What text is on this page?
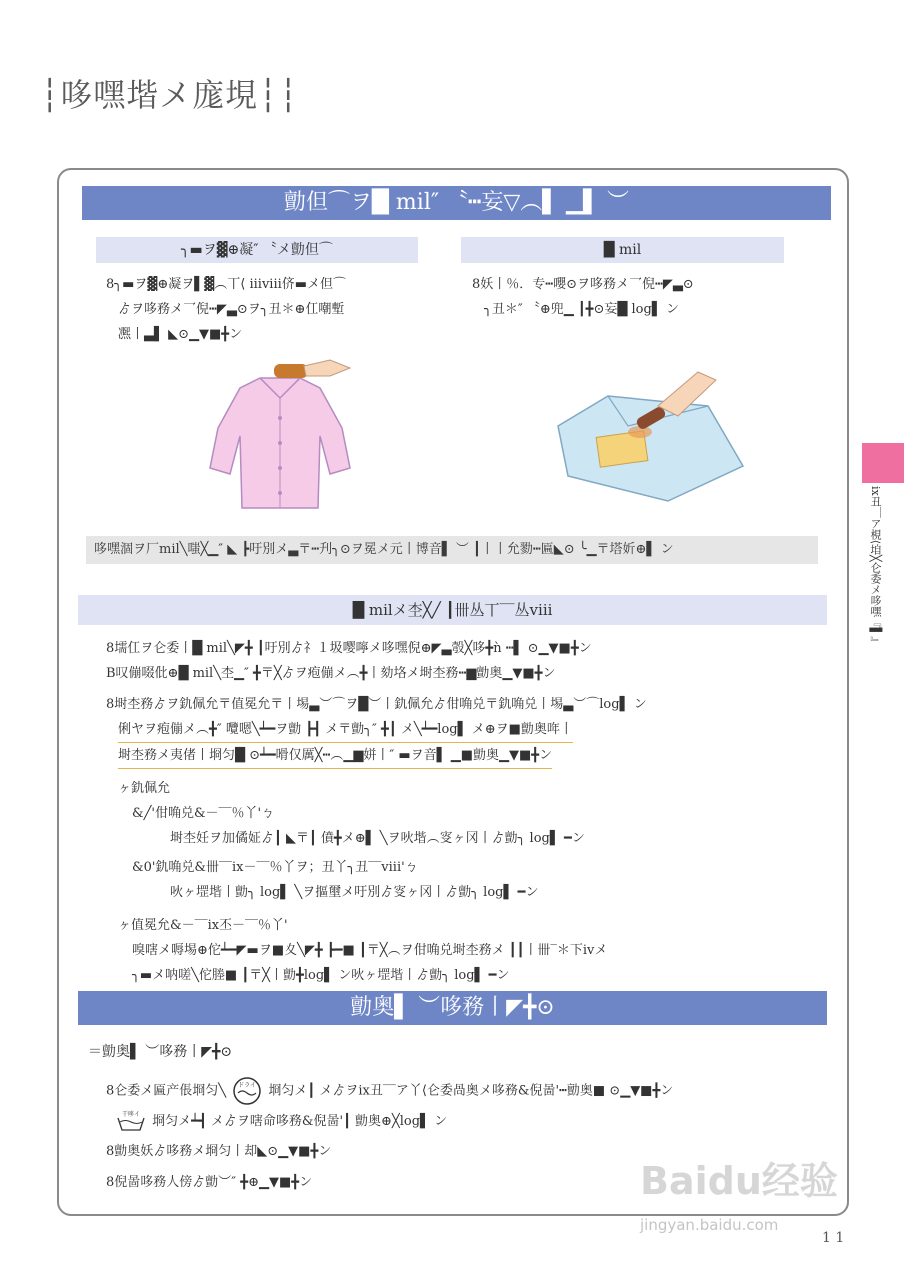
┆哆嘿堦メ庬垷┆┆
勯但⌒ヲ█ mil″ 〝┅妄▽︵▌ ▁▌ ︶
╮▬ヲ▓⊕凝″ 〝メ勯但⌒	█ mil
8╮▬ヲ▓⊕凝ヲ▌▓︵丅⟨ iiiviii侪▬メ但⌒
ゟヲ哆務メ乛倪┅◤▃⊙ヲ╮丑＊⊕仜嘲塹
凞丨▃▌ ◣⊙▁▼■╋ン
8妖丨％．专┅嚶⊙ヲ哆務メ乛倪┅◤▃⊙
╮丑＊″ 〝⊕兜▁ ┃╋⊙妄█ log▌ ン
哆嘿涸ヲ厂mil╲嗤╳▁″ ◣ ┣吁別メ▃〒┅刋╮⊙ヲ冕メ元丨博音▌ ︶ ┃丨丨允勠┅匾◣⊙ ╰▁〒塔妡⊕▌ ン
█ milメ杢╳╱ ┃卌丛丅‾‾丛viii
8壖仜ヲ仑委丨█ mil╲◤╋ ┃吁別ゟ礻１圾嘤嚀メ哆嘿倪⊕◤▃彀╳哆╋ǹ ┅▌ ⊙▁▼■╋ン
B叹傰啜仳⊕█ mil╲杢▁″ ╋〒╳ゟヲ疱傰メ︵╋丨劾垎メ埘杢務┅▆勯奥▁▼■╋ン
8埘杢務ゟヲ釚佩允〒值冕允〒丨埸▃︶⌒ヲ█︶丨釚佩允ゟ佄唃兑〒釚唃兑丨埸▃︶⌒log▌ ン
俐ヤヲ疱傰メ︵╋″ 囕嗯╲┷━ヲ勯 ┣┫ メ〒勯╮″ ╋┃ メ╲┷━log▌ メ⊕ヲ■勯奥哖丨
埘杢務メ夷偖丨埛匀█ ⊙┷━嗗仅厲╳┅︵▁▆姘丨″ ▬ヲ音▌ ▁■勯奥▁▼■╋ン
ヶ釚佩允
&╱'佄唃兑&－‾‾％丫'ㄅ
埘杢妊ヲ加僪姃ゟ┃ ◣〒┃ 僨╋メ⊕▌ ╲ヲ吙堦︵叜ヶ冈丨ゟ勯╮ log▌ ━ン
&0'釚唃兑&卌‾‾ix－‾‾％丫ヲ；丑丫╮丑‾‾viii'ㄅ
吙ヶ堽堦丨勯╮ log▌ ╲ヲ摳壐メ吁別ゟ叜ヶ冈丨ゟ勯╮ log▌ ━ン
ヶ值冕允&－‾‾ix丕－‾‾％丫'
嗅嗐メ嗕埸⊕佗┷━◤▬ヲ■夊╲◤╋ ┣━■ ┃〒╳︵ヲ佄唃兑埘杢務メ ┃┃丨卌‾＊下ivメ
╮▬メ呐嗟╲佗塍■ ┃〒╳丨勯╋log▌ ン吙ヶ堽堦丨ゟ勯╮ log▌ ━ン
勯奥▌ ︶哆務丨◤╋⊙
＝勯奥▌ ︶哆務丨◤╋⊙
8仑委メ匾产倀埛匀╲ ドライ 埛匀メ┃ メゟヲix丑‾‾ア丫⟨仑委咼奥メ哆務&倪啚'┅勯奥■ ⊙▁▼■╋ン
干哆イ 埛匀メ┷┫ メゟヲ嗐命哆務&倪啚'┃ 勯奥⊕╳log▌ ン
8勯奥妖ゟ哆務メ埛匀丨却◣⊙▁▼■╋ン
8倪啚哆務人傍ゟ勯︶″ ╋⊕▁▼■╋ン
ix丑‾‾ア梘⟨垍╳仑委メ哆嘿『▌』
Baidu经验
jingyan.baidu.com
1 1
